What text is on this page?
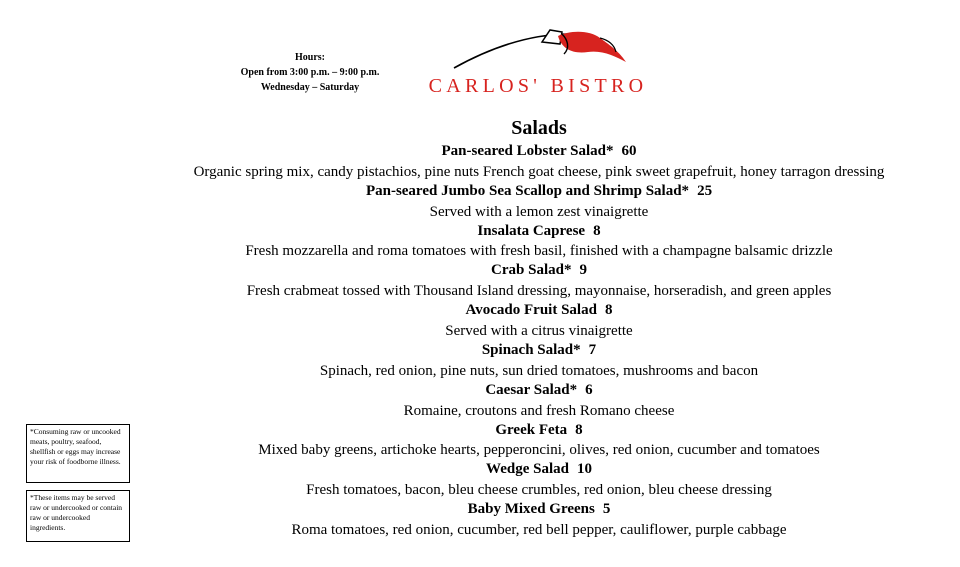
Hours:
Open from 3:00 p.m. – 9:00 p.m.
Wednesday – Saturday	CARLOS' BISTRO
Salads
Pan-seared Lobster Salad* 60
Organic spring mix, candy pistachios, pine nuts French goat cheese, pink sweet grapefruit, honey tarragon dressing
Pan-seared Jumbo Sea Scallop and Shrimp Salad* 25
Served with a lemon zest vinaigrette
Insalata Caprese 8
Fresh mozzarella and roma tomatoes with fresh basil, finished with a champagne balsamic drizzle
Crab Salad* 9
Fresh crabmeat tossed with Thousand Island dressing, mayonnaise, horseradish, and green apples
Avocado Fruit Salad 8
Served with a citrus vinaigrette
Spinach Salad* 7
Spinach, red onion, pine nuts, sun dried tomatoes, mushrooms and bacon
Caesar Salad* 6
Romaine, croutons and fresh Romano cheese
Greek Feta 8
Mixed baby greens, artichoke hearts, pepperoncini, olives, red onion, cucumber and tomatoes
Wedge Salad 10
Fresh tomatoes, bacon, bleu cheese crumbles, red onion, bleu cheese dressing
Baby Mixed Greens 5
Roma tomatoes, red onion, cucumber, red bell pepper, cauliflower, purple cabbage
*Consuming raw or uncooked meats, poultry, seafood, shellfish or eggs may increase your risk of foodborne illness.
*These items may be served raw or undercooked or contain raw or undercooked ingredients.
